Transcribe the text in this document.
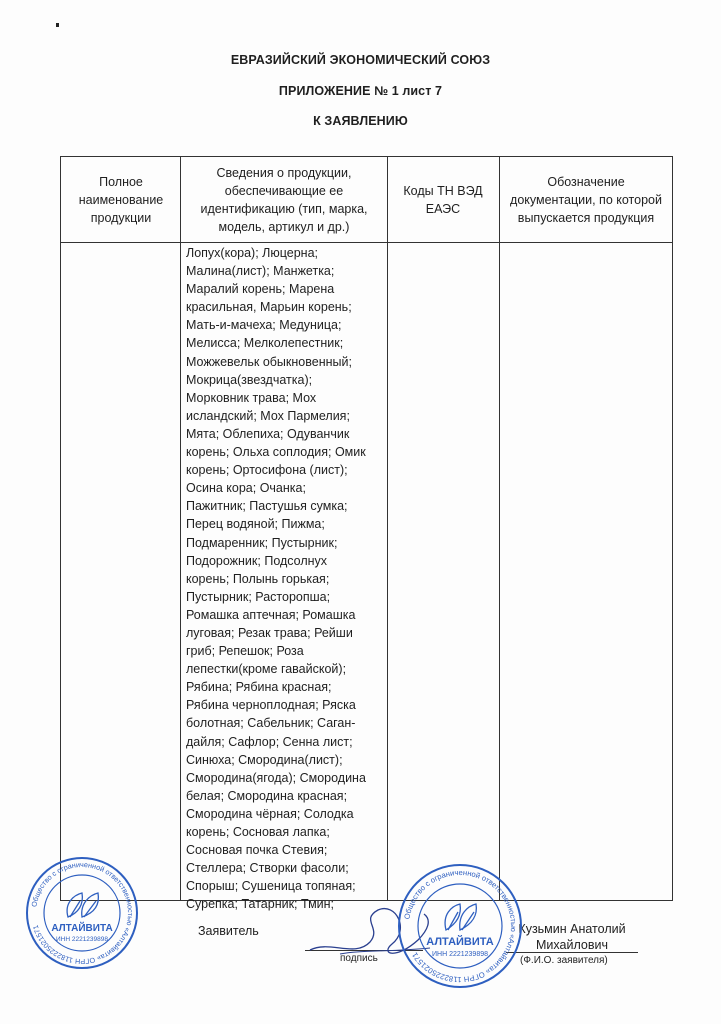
ЕВРАЗИЙСКИЙ ЭКОНОМИЧЕСКИЙ СОЮЗ
ПРИЛОЖЕНИЕ № 1 лист 7
К ЗАЯВЛЕНИЮ
Полное наименование продукции
Сведения о продукции, обеспечивающие ее идентификацию (тип, марка, модель, артикул и др.)
Коды ТН ВЭД ЕАЭС
Обозначение документации, по которой выпускается продукция
Лопух(кора); Люцерна;
Малина(лист); Манжетка;
Маралий корень; Марена
красильная, Марьин корень;
Мать-и-мачеха; Медуница;
Мелисса; Мелколепестник;
Можжевельк обыкновенный;
Мокрица(звездчатка);
Морковник трава; Мох
исландский; Мох Пармелия;
Мята; Облепиха; Одуванчик
корень; Ольха соплодия; Омик
корень; Ортосифона (лист);
Осина кора; Очанка;
Пажитник; Пастушья сумка;
Перец водяной; Пижма;
Подмаренник; Пустырник;
Подорожник; Подсолнух
корень; Полынь горькая;
Пустырник; Расторопша;
Ромашка аптечная; Ромашка
луговая; Резак трава; Рейши
гриб; Репешок; Роза
лепестки(кроме гавайской);
Рябина; Рябина красная;
Рябина черноплодная; Ряска
болотная; Сабельник; Саган-
дайля; Сафлор; Сенна лист;
Синюха; Смородина(лист);
Смородина(ягода); Смородина
белая; Смородина красная;
Смородина чёрная; Солодка
корень; Сосновая лапка;
Сосновая почка Стевия;
Стеллера; Створки фасоли;
Спорыш; Сушеница топяная;
Сурепка; Татарник; Тмин;
Заявитель
подпись
Кузьмин Анатолий
Михайлович
(Ф.И.О. заявителя)
Общество с ограниченной ответственностью «Алтайвита» ОГРН 1182225021571	АЛТАЙВИТА
ИНН 2221239898
Общество с ограниченной ответственностью «Алтайвита» ОГРН 1182225021571
АЛТАЙВИТА
ИНН 2221239898
